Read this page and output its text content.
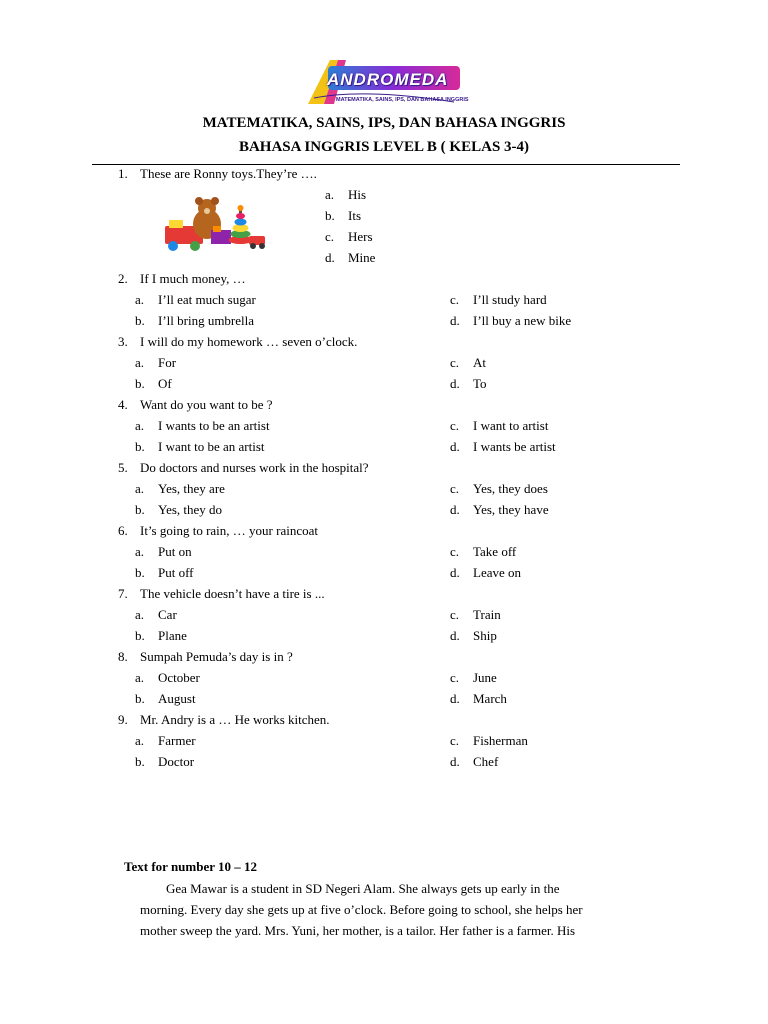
ANDROMEDA
MATEMATIKA, SAINS, IPS, DAN BAHASA INGGRIS
MATEMATIKA, SAINS, IPS, DAN BAHASA INGGRIS
BAHASA INGGRIS LEVEL B ( KELAS 3-4)
1. These are Ronny toys.They’re ….
a. His
b. Its
c. Hers
d. Mine
2. If I much money, …
a. I’ll eat much sugar
b. I’ll bring umbrella
c. I’ll study hard
d. I’ll buy a new bike
3. I will do my homework … seven o’clock.
a. For
b. Of
c. At
d. To
4. Want do you want to be ?
a. I wants to be an artist
b. I want to be an artist
c. I want to artist
d. I wants be artist
5. Do doctors and nurses work in the hospital?
a. Yes, they are
b. Yes, they do
c. Yes, they does
d. Yes, they have
6. It’s going to rain, … your raincoat
a. Put on
b. Put off
c. Take off
d. Leave on
7. The vehicle doesn’t have a tire is ...
a. Car
b. Plane
c. Train
d. Ship
8. Sumpah Pemuda’s day is in ?
a. October
b. August
c. June
d. March
9. Mr. Andry is a … He works kitchen.
a. Farmer
b. Doctor
c. Fisherman
d. Chef
Text for number 10 – 12

Gea Mawar is a student in SD Negeri Alam. She always gets up early in the

morning. Every day she gets up at five o’clock. Before going to school, she helps her

mother sweep the yard. Mrs. Yuni, her mother, is a tailor. Her father is a farmer. His
